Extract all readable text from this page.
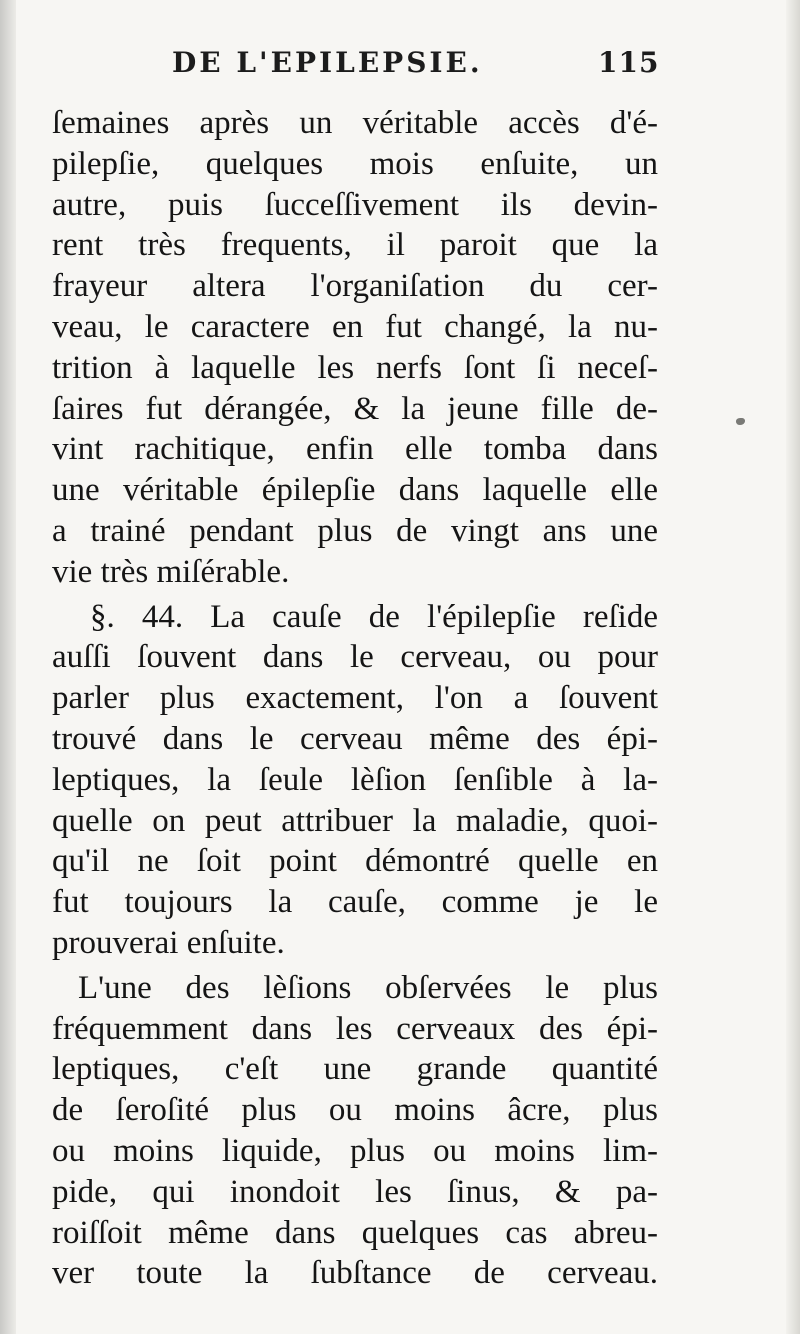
DE L'EPILEPSIE.	115
ſemaines après un véritable accès d'é-
pilepſie, quelques mois enſuite, un
autre, puis ſucceſſivement ils devin-
rent très frequents, il paroit que la
frayeur altera l'organiſation du cer-
veau, le caractere en fut changé, la nu-
trition à laquelle les nerfs ſont ſi neceſ-
ſaires fut dérangée, & la jeune fille de-
vint rachitique, enfin elle tomba dans
une véritable épilepſie dans laquelle elle
a trainé pendant plus de vingt ans une
vie très miſérable.
§. 44. La cauſe de l'épilepſie reſide
auſſi ſouvent dans le cerveau, ou pour
parler plus exactement, l'on a ſouvent
trouvé dans le cerveau même des épi-
leptiques, la ſeule lèſion ſenſible à la-
quelle on peut attribuer la maladie, quoi-
qu'il ne ſoit point démontré quelle en
fut toujours la cauſe, comme je le
prouverai enſuite.
L'une des lèſions obſervées le plus
fréquemment dans les cerveaux des épi-
leptiques, c'eſt une grande quantité
de ſeroſité plus ou moins âcre, plus
ou moins liquide, plus ou moins lim-
pide, qui inondoit les ſinus, & pa-
roiſſoit même dans quelques cas abreu-
ver toute la ſubſtance de cerveau.
